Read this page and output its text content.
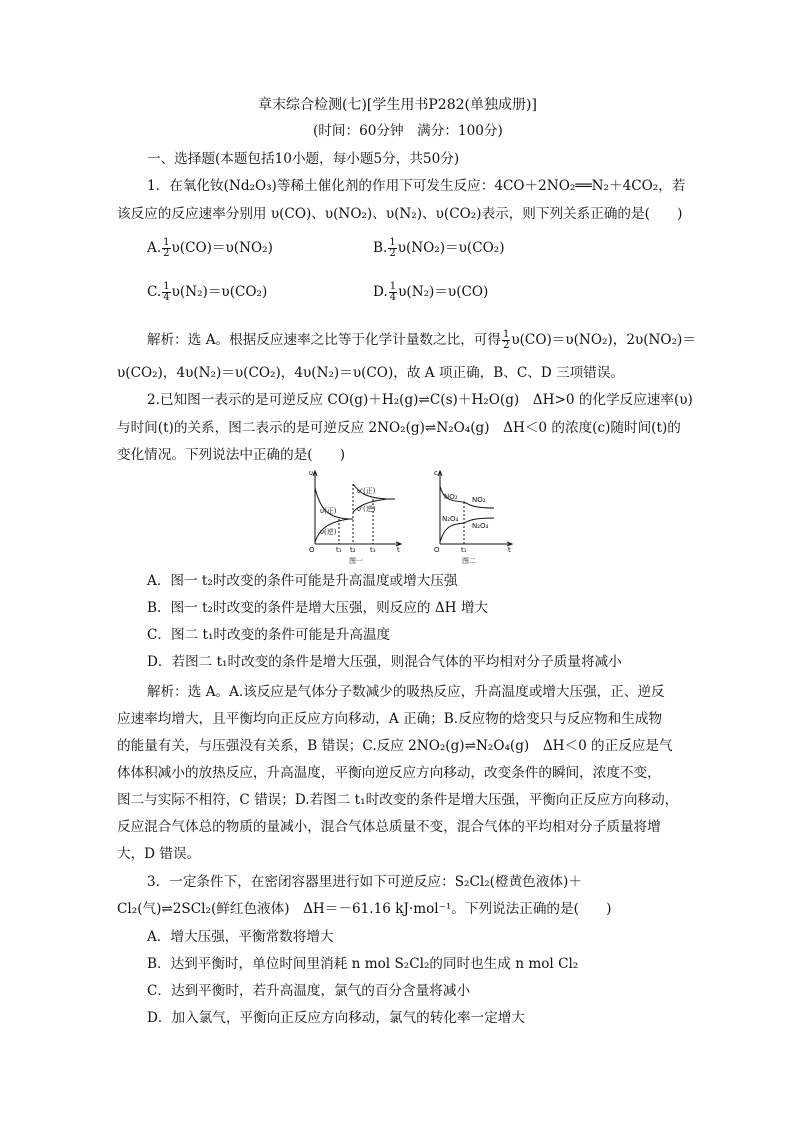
章末综合检测(七)[学生用书P282(单独成册)]
(时间：60分钟　满分：100分)
一、选择题(本题包括10小题，每小题5分，共50分)
1．在氧化钕(Nd₂O₃)等稀土催化剂的作用下可发生反应：4CO＋2NO₂══N₂＋4CO₂，若
该反应的反应速率分别用 υ(CO)、υ(NO₂)、υ(N₂)、υ(CO₂)表示，则下列关系正确的是(　　)
A. $\frac{1}{2} \upsilon(CO)=\upsilon(NO_2)$	B. $\frac{1}{2} \upsilon(NO_2)=\upsilon(CO_2)$
C. $\frac{1}{4} \upsilon(N_2)=\upsilon(CO_2)$	D. $\frac{1}{4} \upsilon(N_2)=\upsilon(CO)$
解析：选 A。根据反应速率之比等于化学计量数之比，可得 $\frac{1}{2} \upsilon(CO)=\upsilon(NO_2)$，2υ(NO₂)＝
υ(CO₂)，4υ(N₂)＝υ(CO₂)，4υ(N₂)＝υ(CO)，故 A 项正确，B、C、D 三项错误。
2.已知图一表示的是可逆反应 CO(g)＋H₂(g)⇌C(s)＋H₂O(g)　ΔH>0 的化学反应速率(υ)
与时间(t)的关系，图二表示的是可逆反应 2NO₂(g)⇌N₂O₄(g)　ΔH＜0 的浓度(c)随时间(t)的
变化情况。下列说法中正确的是(　　)
υ
O	t
t₁ t₂ t₃
υ(正)
υ(逆)
υ'(正)
υ'(逆)
图一
c
O	t
t₁
NO₂
N₂O₄
NO₂
N₂O₄
图二
A．图一 t₂时改变的条件可能是升高温度或增大压强
B．图一 t₂时改变的条件是增大压强，则反应的 ΔH 增大
C．图二 t₁时改变的条件可能是升高温度
D．若图二 t₁时改变的条件是增大压强，则混合气体的平均相对分子质量将减小
解析：选 A。A.该反应是气体分子数减少的吸热反应，升高温度或增大压强，正、逆反
应速率均增大，且平衡均向正反应方向移动，A 正确；B.反应物的焓变只与反应物和生成物
的能量有关，与压强没有关系，B 错误；C.反应 2NO₂(g)⇌N₂O₄(g)　ΔH＜0 的正反应是气
体体积减小的放热反应，升高温度，平衡向逆反应方向移动，改变条件的瞬间，浓度不变，
图二与实际不相符，C 错误；D.若图二 t₁时改变的条件是增大压强，平衡向正反应方向移动，
反应混合气体总的物质的量减小，混合气体总质量不变，混合气体的平均相对分子质量将增
大，D 错误。
3．一定条件下，在密闭容器里进行如下可逆反应：S₂Cl₂(橙黄色液体)＋
Cl₂(气)⇌2SCl₂(鲜红色液体)　ΔH＝－61.16 kJ·mol⁻¹。下列说法正确的是(　　)
A．增大压强，平衡常数将增大
B．达到平衡时，单位时间里消耗 n mol S₂Cl₂的同时也生成 n mol Cl₂
C．达到平衡时，若升高温度，氯气的百分含量将减小
D．加入氯气，平衡向正反应方向移动，氯气的转化率一定增大
